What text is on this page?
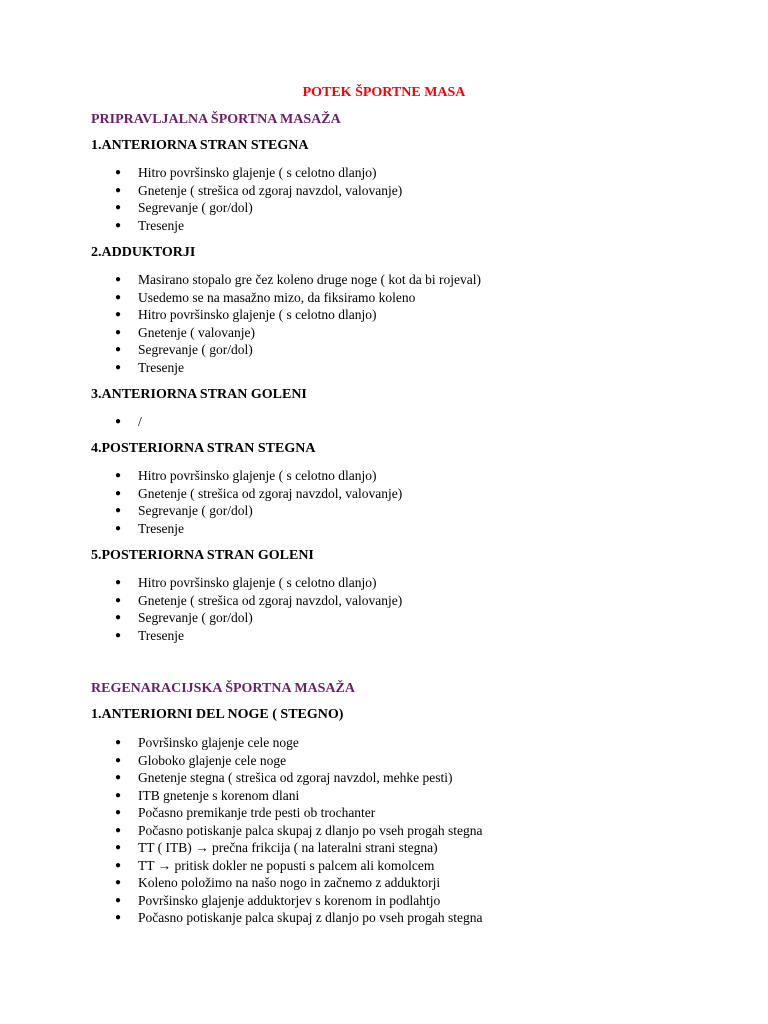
POTEK ŠPORTNE MASA
PRIPRAVLJALNA ŠPORTNA MASAŽA
1.ANTERIORNA STRAN STEGNA
● Hitro površinsko glajenje ( s celotno dlanjo)
● Gnetenje ( strešica od zgoraj navzdol, valovanje)
● Segrevanje ( gor/dol)
● Tresenje
2.ADDUKTORJI
● Masirano stopalo gre čez koleno druge noge ( kot da bi rojeval)
● Usedemo se na masažno mizo, da fiksiramo koleno
● Hitro površinsko glajenje ( s celotno dlanjo)
● Gnetenje ( valovanje)
● Segrevanje ( gor/dol)
● Tresenje
3.ANTERIORNA STRAN GOLENI
● /
4.POSTERIORNA STRAN STEGNA
● Hitro površinsko glajenje ( s celotno dlanjo)
● Gnetenje ( strešica od zgoraj navzdol, valovanje)
● Segrevanje ( gor/dol)
● Tresenje
5.POSTERIORNA STRAN GOLENI
● Hitro površinsko glajenje ( s celotno dlanjo)
● Gnetenje ( strešica od zgoraj navzdol, valovanje)
● Segrevanje ( gor/dol)
● Tresenje
REGENARACIJSKA ŠPORTNA MASAŽA
1.ANTERIORNI DEL NOGE ( STEGNO)
● Površinsko glajenje cele noge
● Globoko glajenje cele noge
● Gnetenje stegna ( strešica od zgoraj navzdol, mehke pesti)
● ITB gnetenje s korenom dlani
● Počasno premikanje trde pesti ob trochanter
● Počasno potiskanje palca skupaj z dlanjo po vseh progah stegna
● TT ( ITB) → prečna frikcija ( na lateralni strani stegna)
● TT → pritisk dokler ne popusti s palcem ali komolcem
● Koleno položimo na našo nogo in začnemo z adduktorji
● Površinsko glajenje adduktorjev s korenom in podlahtjo
● Počasno potiskanje palca skupaj z dlanjo po vseh progah stegna
